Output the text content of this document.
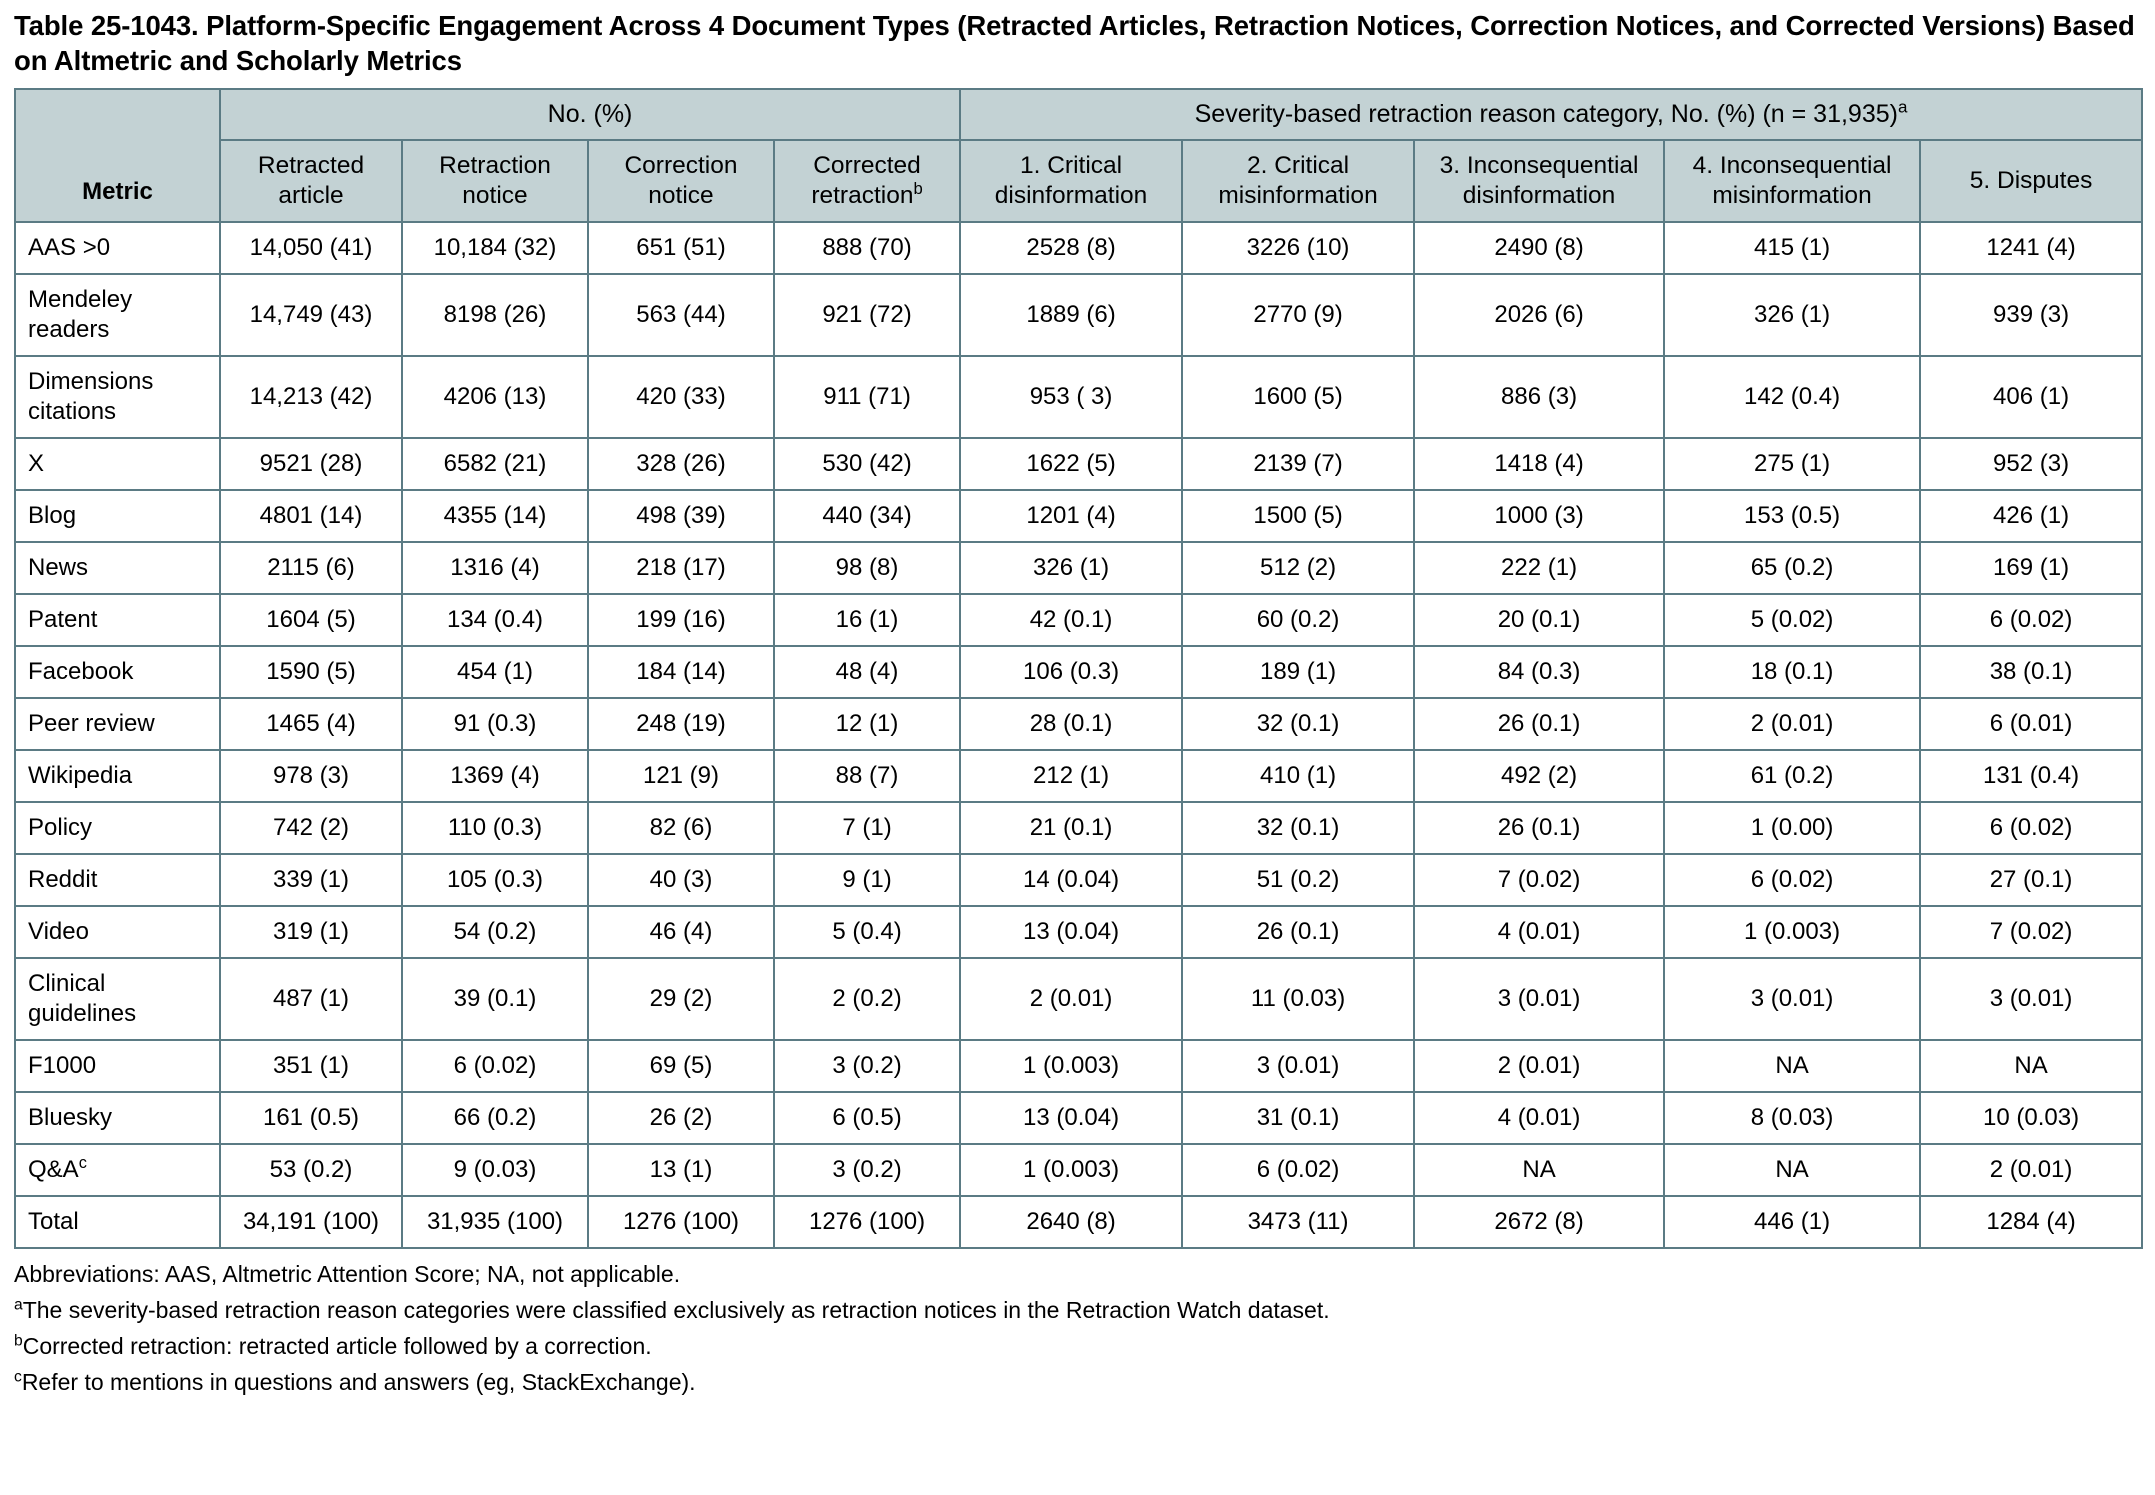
Table 25-1043. Platform-Specific Engagement Across 4 Document Types (Retracted Articles, Retraction Notices, Correction Notices, and Corrected Versions) Based on Altmetric and Scholarly Metrics
Metric	No. (%)				Severity-based retraction reason category, No. (%) (n = 31,935)$^a$
	Retracted article	Retraction notice	Correction notice	Corrected retraction$^b$	1. Critical disinformation	2. Critical misinformation	3. Inconsequential disinformation	4. Inconsequential misinformation	5. Disputes
AAS >0	14,050 (41)	10,184 (32)	651 (51)	888 (70)	2528 (8)	3226 (10)	2490 (8)	415 (1)	1241 (4)
Mendeley readers	14,749 (43)	8198 (26)	563 (44)	921 (72)	1889 (6)	2770 (9)	2026 (6)	326 (1)	939 (3)
Dimensions citations	14,213 (42)	4206 (13)	420 (33)	911 (71)	953 ( 3)	1600 (5)	886 (3)	142 (0.4)	406 (1)
X	9521 (28)	6582 (21)	328 (26)	530 (42)	1622 (5)	2139 (7)	1418 (4)	275 (1)	952 (3)
Blog	4801 (14)	4355 (14)	498 (39)	440 (34)	1201 (4)	1500 (5)	1000 (3)	153 (0.5)	426 (1)
News	2115 (6)	1316 (4)	218 (17)	98 (8)	326 (1)	512 (2)	222 (1)	65 (0.2)	169 (1)
Patent	1604 (5)	134 (0.4)	199 (16)	16 (1)	42 (0.1)	60 (0.2)	20 (0.1)	5 (0.02)	6 (0.02)
Facebook	1590 (5)	454 (1)	184 (14)	48 (4)	106 (0.3)	189 (1)	84 (0.3)	18 (0.1)	38 (0.1)
Peer review	1465 (4)	91 (0.3)	248 (19)	12 (1)	28 (0.1)	32 (0.1)	26 (0.1)	2 (0.01)	6 (0.01)
Wikipedia	978 (3)	1369 (4)	121 (9)	88 (7)	212 (1)	410 (1)	492 (2)	61 (0.2)	131 (0.4)
Policy	742 (2)	110 (0.3)	82 (6)	7 (1)	21 (0.1)	32 (0.1)	26 (0.1)	1 (0.00)	6 (0.02)
Reddit	339 (1)	105 (0.3)	40 (3)	9 (1)	14 (0.04)	51 (0.2)	7 (0.02)	6 (0.02)	27 (0.1)
Video	319 (1)	54 (0.2)	46 (4)	5 (0.4)	13 (0.04)	26 (0.1)	4 (0.01)	1 (0.003)	7 (0.02)
Clinical guidelines	487 (1)	39 (0.1)	29 (2)	2 (0.2)	2 (0.01)	11 (0.03)	3 (0.01)	3 (0.01)	3 (0.01)
F1000	351 (1)	6 (0.02)	69 (5)	3 (0.2)	1 (0.003)	3 (0.01)	2 (0.01)	NA	NA
Bluesky	161 (0.5)	66 (0.2)	26 (2)	6 (0.5)	13 (0.04)	31 (0.1)	4 (0.01)	8 (0.03)	10 (0.03)
$Q\&A^c$	53 (0.2)	9 (0.03)	13 (1)	3 (0.2)	1 (0.003)	6 (0.02)	NA	NA	2 (0.01)
Total	34,191 (100)	31,935 (100)	1276 (100)	1276 (100)	2640 (8)	3473 (11)	2672 (8)	446 (1)	1284 (4)
Abbreviations: AAS, Altmetric Attention Score; NA, not applicable.
$^a$The severity-based retraction reason categories were classified exclusively as retraction notices in the Retraction Watch dataset.
$^b$Corrected retraction: retracted article followed by a correction.
$^c$Refer to mentions in questions and answers (eg, StackExchange).
